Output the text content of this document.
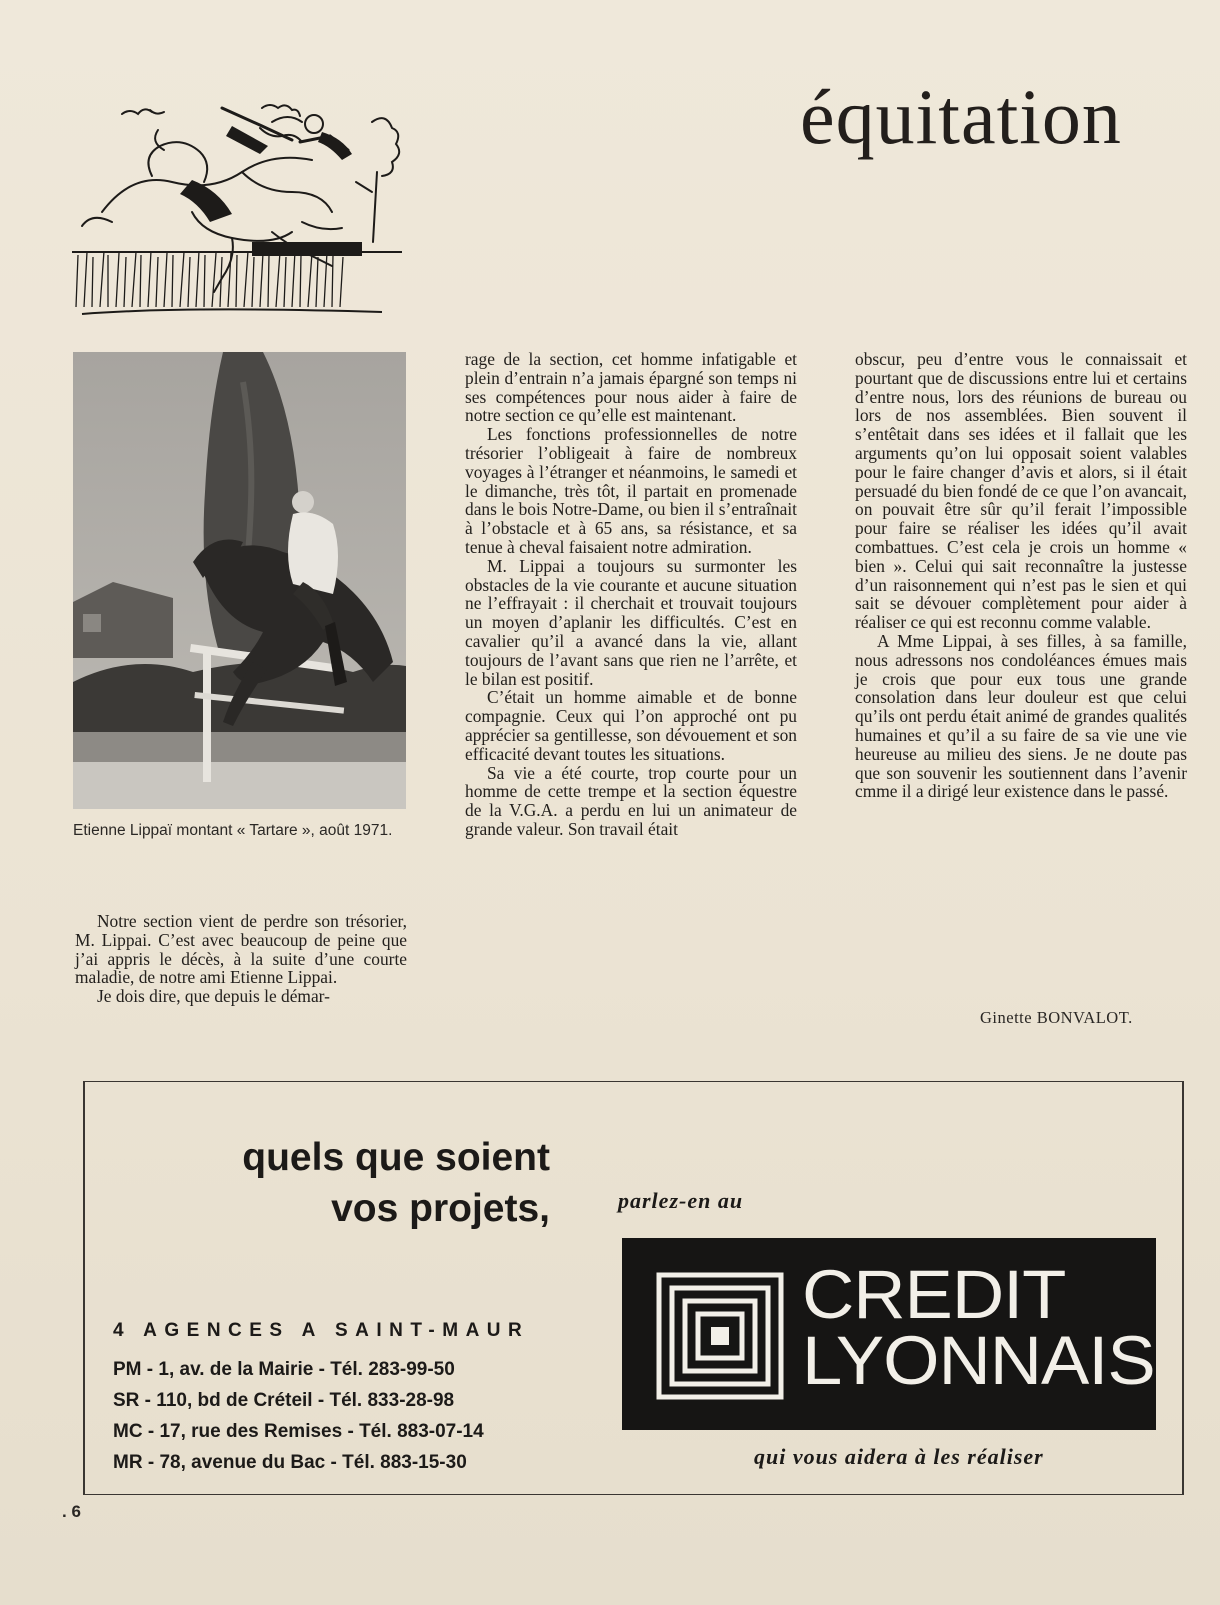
équitation
Etienne Lippaï montant « Tartare », août 1971.

Notre section vient de perdre son trésorier, M. Lippai. C’est avec beaucoup de peine que j’ai appris le décès, à la suite d’une courte maladie, de notre ami Etienne Lippai.

Je dois dire, que depuis le démar-

rage de la section, cet homme infatigable et plein d’entrain n’a jamais épargné son temps ni ses compétences pour nous aider à faire de notre section ce qu’elle est maintenant.

Les fonctions professionnelles de notre trésorier l’obligeait à faire de nombreux voyages à l’étranger et néanmoins, le samedi et le dimanche, très tôt, il partait en promenade dans le bois Notre-Dame, ou bien il s’entraînait à l’obstacle et à 65 ans, sa résistance, et sa tenue à cheval faisaient notre admiration.

M. Lippai a toujours su surmonter les obstacles de la vie courante et aucune situation ne l’effrayait : il cherchait et trouvait toujours un moyen d’aplanir les difficultés. C’est en cavalier qu’il a avancé dans la vie, allant toujours de l’avant sans que rien ne l’arrête, et le bilan est positif.

C’était un homme aimable et de bonne compagnie. Ceux qui l’on approché ont pu apprécier sa gentillesse, son dévouement et son efficacité devant toutes les situations.

Sa vie a été courte, trop courte pour un homme de cette trempe et la section équestre de la V.G.A. a perdu en lui un animateur de grande valeur. Son travail était

obscur, peu d’entre vous le connaissait et pourtant que de discussions entre lui et certains d’entre nous, lors des réunions de bureau ou lors de nos assemblées. Bien souvent il s’entêtait dans ses idées et il fallait que les arguments qu’on lui opposait soient valables pour le faire changer d’avis et alors, si il était persuadé du bien fondé de ce que l’on avancait, on pouvait être sûr qu’il ferait l’impossible pour faire se réaliser les idées qu’il avait combattues. C’est cela je crois un homme « bien ». Celui qui sait reconnaître la justesse d’un raisonnement qui n’est pas le sien et qui sait se dévouer complètement pour aider à réaliser ce qui est reconnu comme valable.

A Mme Lippai, à ses filles, à sa famille, nous adressons nos condoléances émues mais je crois que pour eux tous une grande consolation dans leur douleur est que celui qu’ils ont perdu était animé de grandes qualités humaines et qu’il a su faire de sa vie une vie heureuse au milieu des siens. Je ne doute pas que son souvenir les soutiennent dans l’avenir cmme il a dirigé leur existence dans le passé.

Ginette BONVALOT.
quels que soient
vos projets,	parlez-en au
4 AGENCES A SAINT-MAUR
PM - 1, av. de la Mairie - Tél. 283-99-50
SR - 110, bd de Créteil - Tél. 833-28-98
MC - 17, rue des Remises - Tél. 883-07-14
MR - 78, avenue du Bac - Tél. 883-15-30
CREDIT
LYONNAIS
qui vous aidera à les réaliser
. 6
